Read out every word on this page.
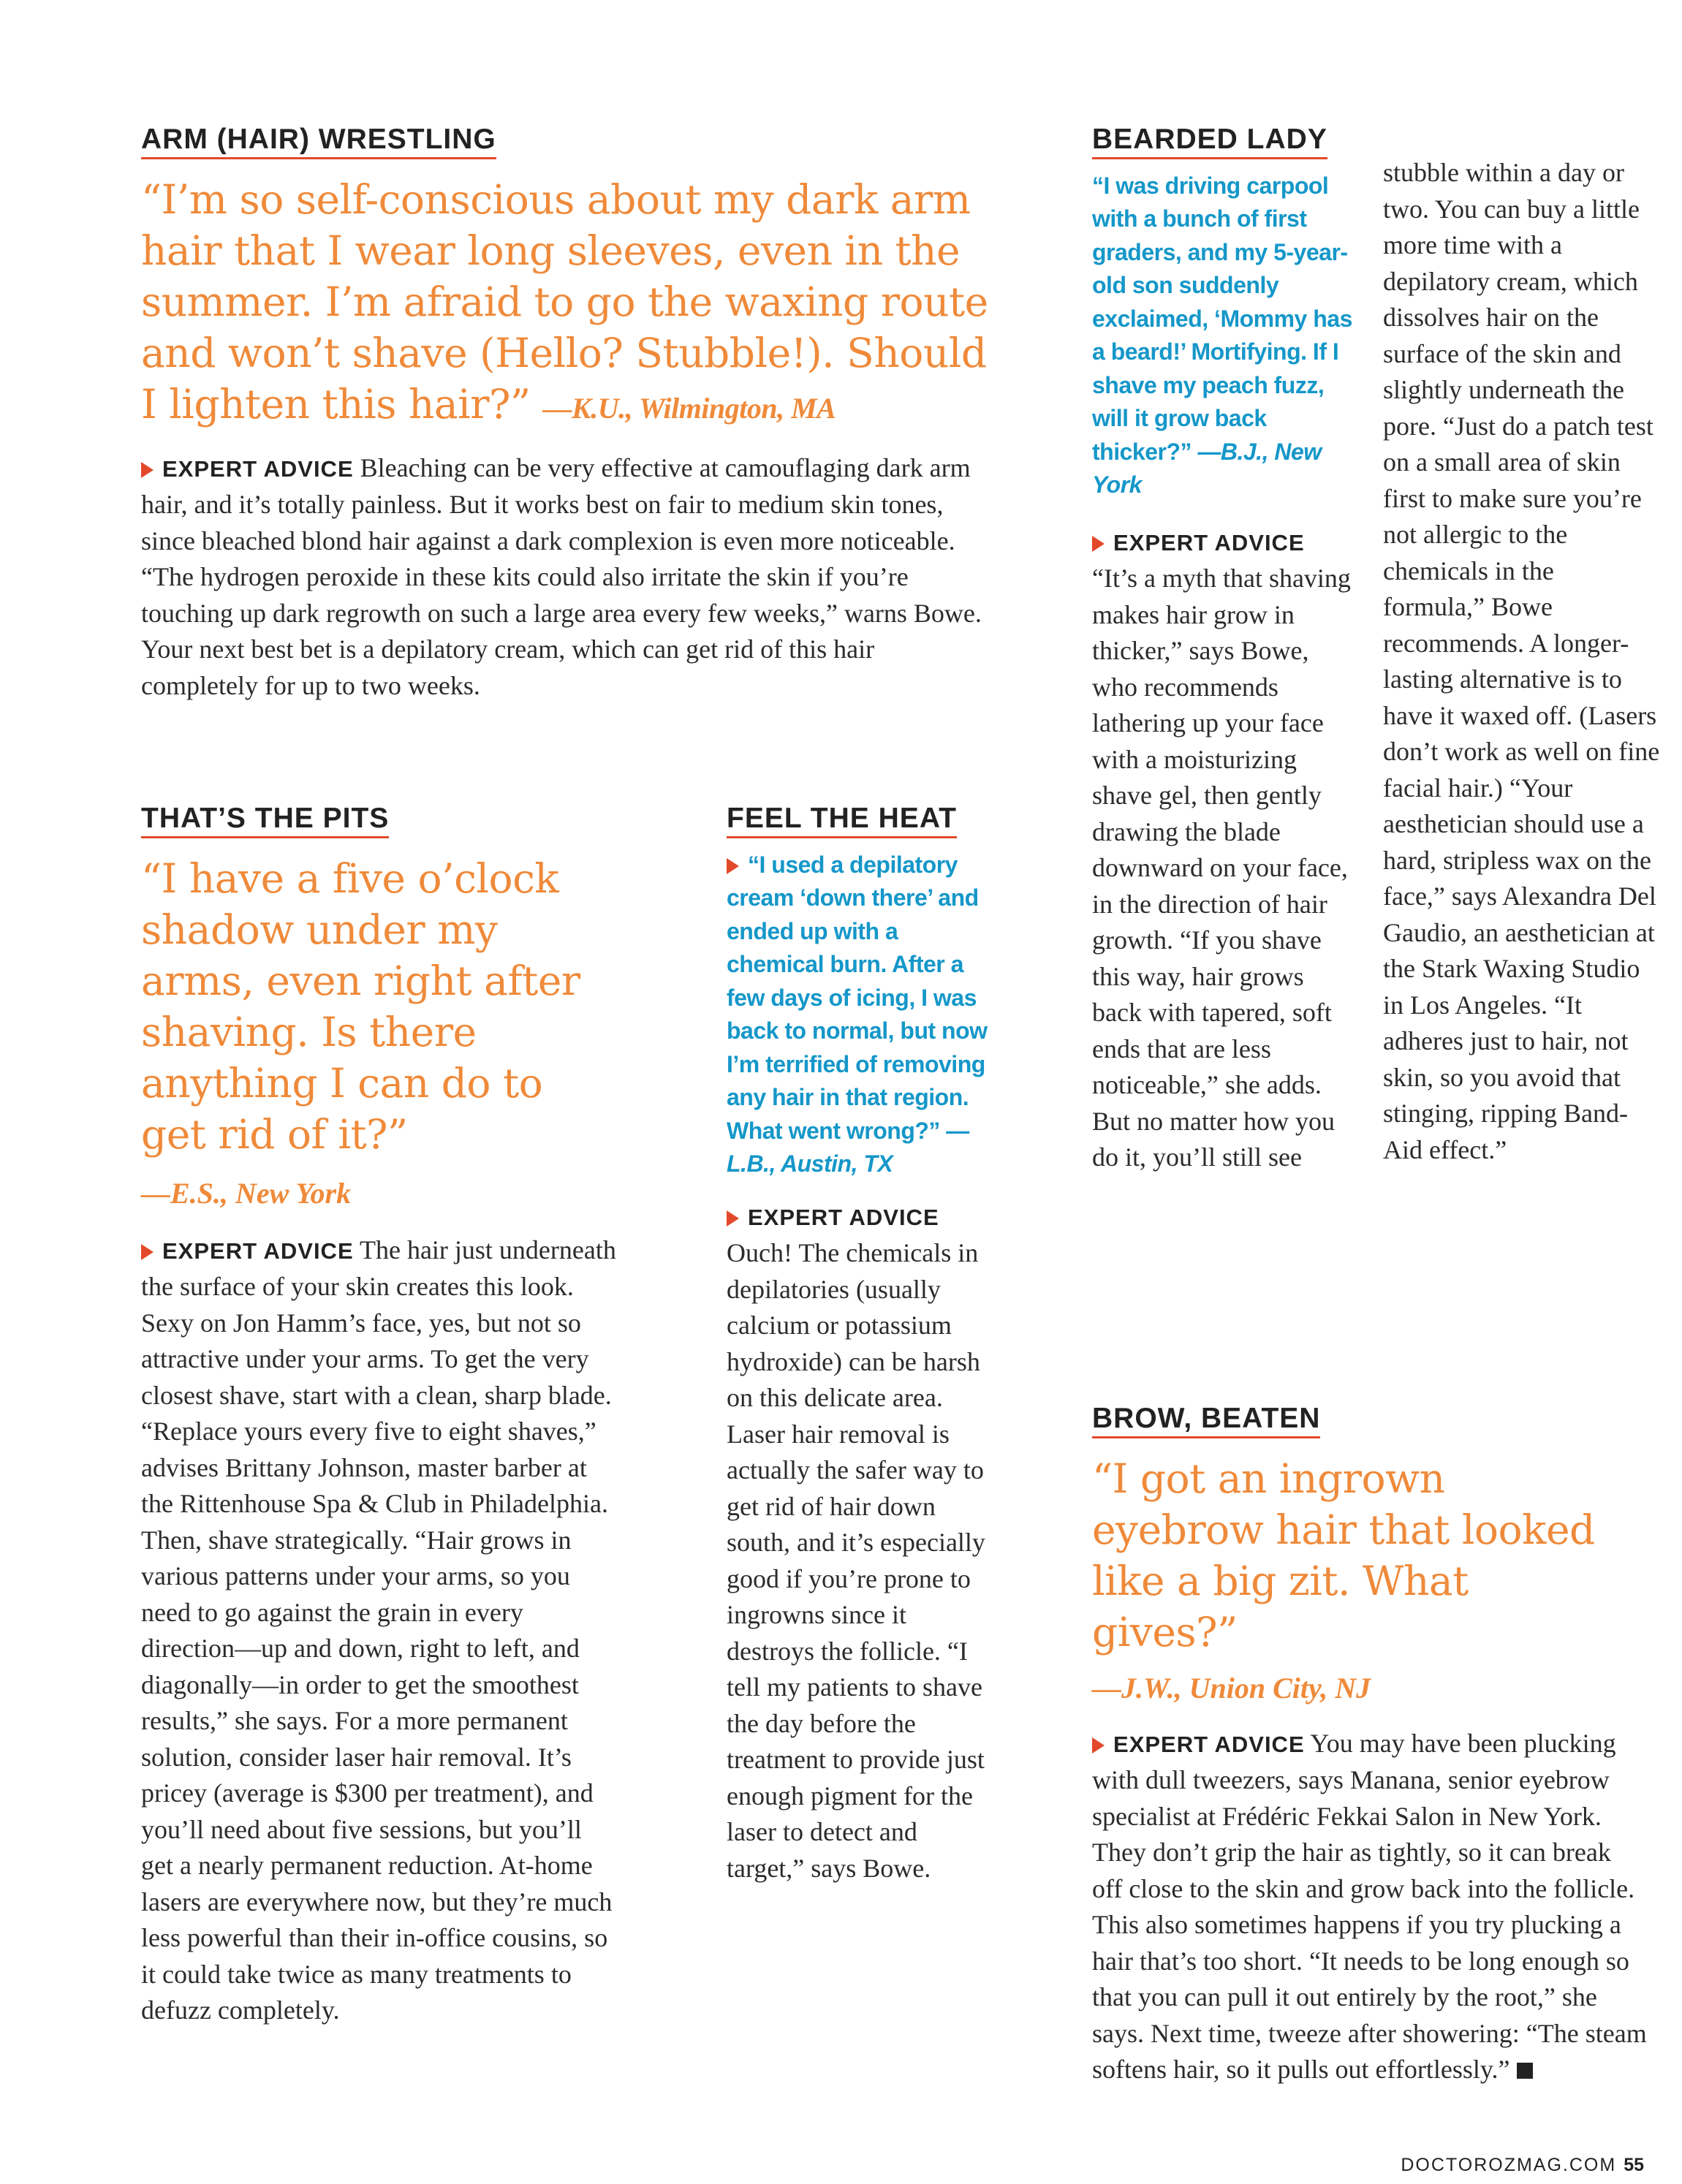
ARM (HAIR) WRESTLING

“I’m so self-conscious about my dark arm hair that I wear long sleeves, even in the summer. I’m afraid to go the waxing route and won’t shave (Hello? Stubble!). Should I lighten this hair?” —K.U., Wilmington, MA

EXPERT ADVICE Bleaching can be very effective at camouflaging dark arm hair, and it’s totally painless. But it works best on fair to medium skin tones, since bleached blond hair against a dark complexion is even more noticeable. “The hydrogen peroxide in these kits could also irritate the skin if you’re touching up dark regrowth on such a large area every few weeks,” warns Bowe. Your next best bet is a depilatory cream, which can get rid of this hair completely for up to two weeks.

THAT’S THE PITS

“I have a five o’clock shadow under my arms, even right after shaving. Is there anything I can do to get rid of it?”

—E.S., New York

EXPERT ADVICE The hair just underneath the surface of your skin creates this look. Sexy on Jon Hamm’s face, yes, but not so attractive under your arms. To get the very closest shave, start with a clean, sharp blade. “Replace yours every five to eight shaves,” advises Brittany Johnson, master barber at the Rittenhouse Spa & Club in Philadelphia. Then, shave strategically. “Hair grows in various patterns under your arms, so you need to go against the grain in every direction—up and down, right to left, and diagonally—in order to get the smoothest results,” she says. For a more permanent solution, consider laser hair removal. It’s pricey (average is $300 per treatment), and you’ll need about five sessions, but you’ll get a nearly permanent reduction. At-home lasers are everywhere now, but they’re much less powerful than their in-office cousins, so it could take twice as many treatments to defuzz completely.

FEEL THE HEAT

“I used a depilatory cream ‘down there’ and ended up with a chemical burn. After a few days of icing, I was back to normal, but now I’m terrified of removing any hair in that region. What went wrong?” —L.B., Austin, TX

EXPERT ADVICE
Ouch! The chemicals in depilatories (usually calcium or potassium hydroxide) can be harsh on this delicate area. Laser hair removal is actually the safer way to get rid of hair down south, and it’s especially good if you’re prone to ingrowns since it destroys the follicle. “I tell my patients to shave the day before the treatment to provide just enough pigment for the laser to detect and target,” says Bowe.

BEARDED LADY

“I was driving carpool with a bunch of first graders, and my 5-year-old son suddenly exclaimed, ‘Mommy has a beard!’ Mortifying. If I shave my peach fuzz, will it grow back thicker?” —B.J., New York

EXPERT ADVICE
“It’s a myth that shaving makes hair grow in thicker,” says Bowe, who recommends lathering up your face with a moisturizing shave gel, then gently drawing the blade downward on your face, in the direction of hair growth. “If you shave this way, hair grows back with tapered, soft ends that are less noticeable,” she adds. But no matter how you do it, you’ll still see

stubble within a day or two. You can buy a little more time with a depilatory cream, which dissolves hair on the surface of the skin and slightly underneath the pore. “Just do a patch test on a small area of skin first to make sure you’re not allergic to the chemicals in the formula,” Bowe recommends. A longer-lasting alternative is to have it waxed off. (Lasers don’t work as well on fine facial hair.) “Your aesthetician should use a hard, stripless wax on the face,” says Alexandra Del Gaudio, an aesthetician at the Stark Waxing Studio in Los Angeles. “It adheres just to hair, not skin, so you avoid that stinging, ripping Band-Aid effect.”

BROW, BEATEN

“I got an ingrown eyebrow hair that looked like a big zit. What gives?”

—J.W., Union City, NJ

EXPERT ADVICE You may have been plucking with dull tweezers, says Manana, senior eyebrow specialist at Frédéric Fekkai Salon in New York. They don’t grip the hair as tightly, so it can break off close to the skin and grow back into the follicle. This also sometimes happens if you try plucking a hair that’s too short. “It needs to be long enough so that you can pull it out entirely by the root,” she says. Next time, tweeze after showering: “The steam softens hair, so it pulls out effortlessly.”

DOCTOROZMAG.COM 55
